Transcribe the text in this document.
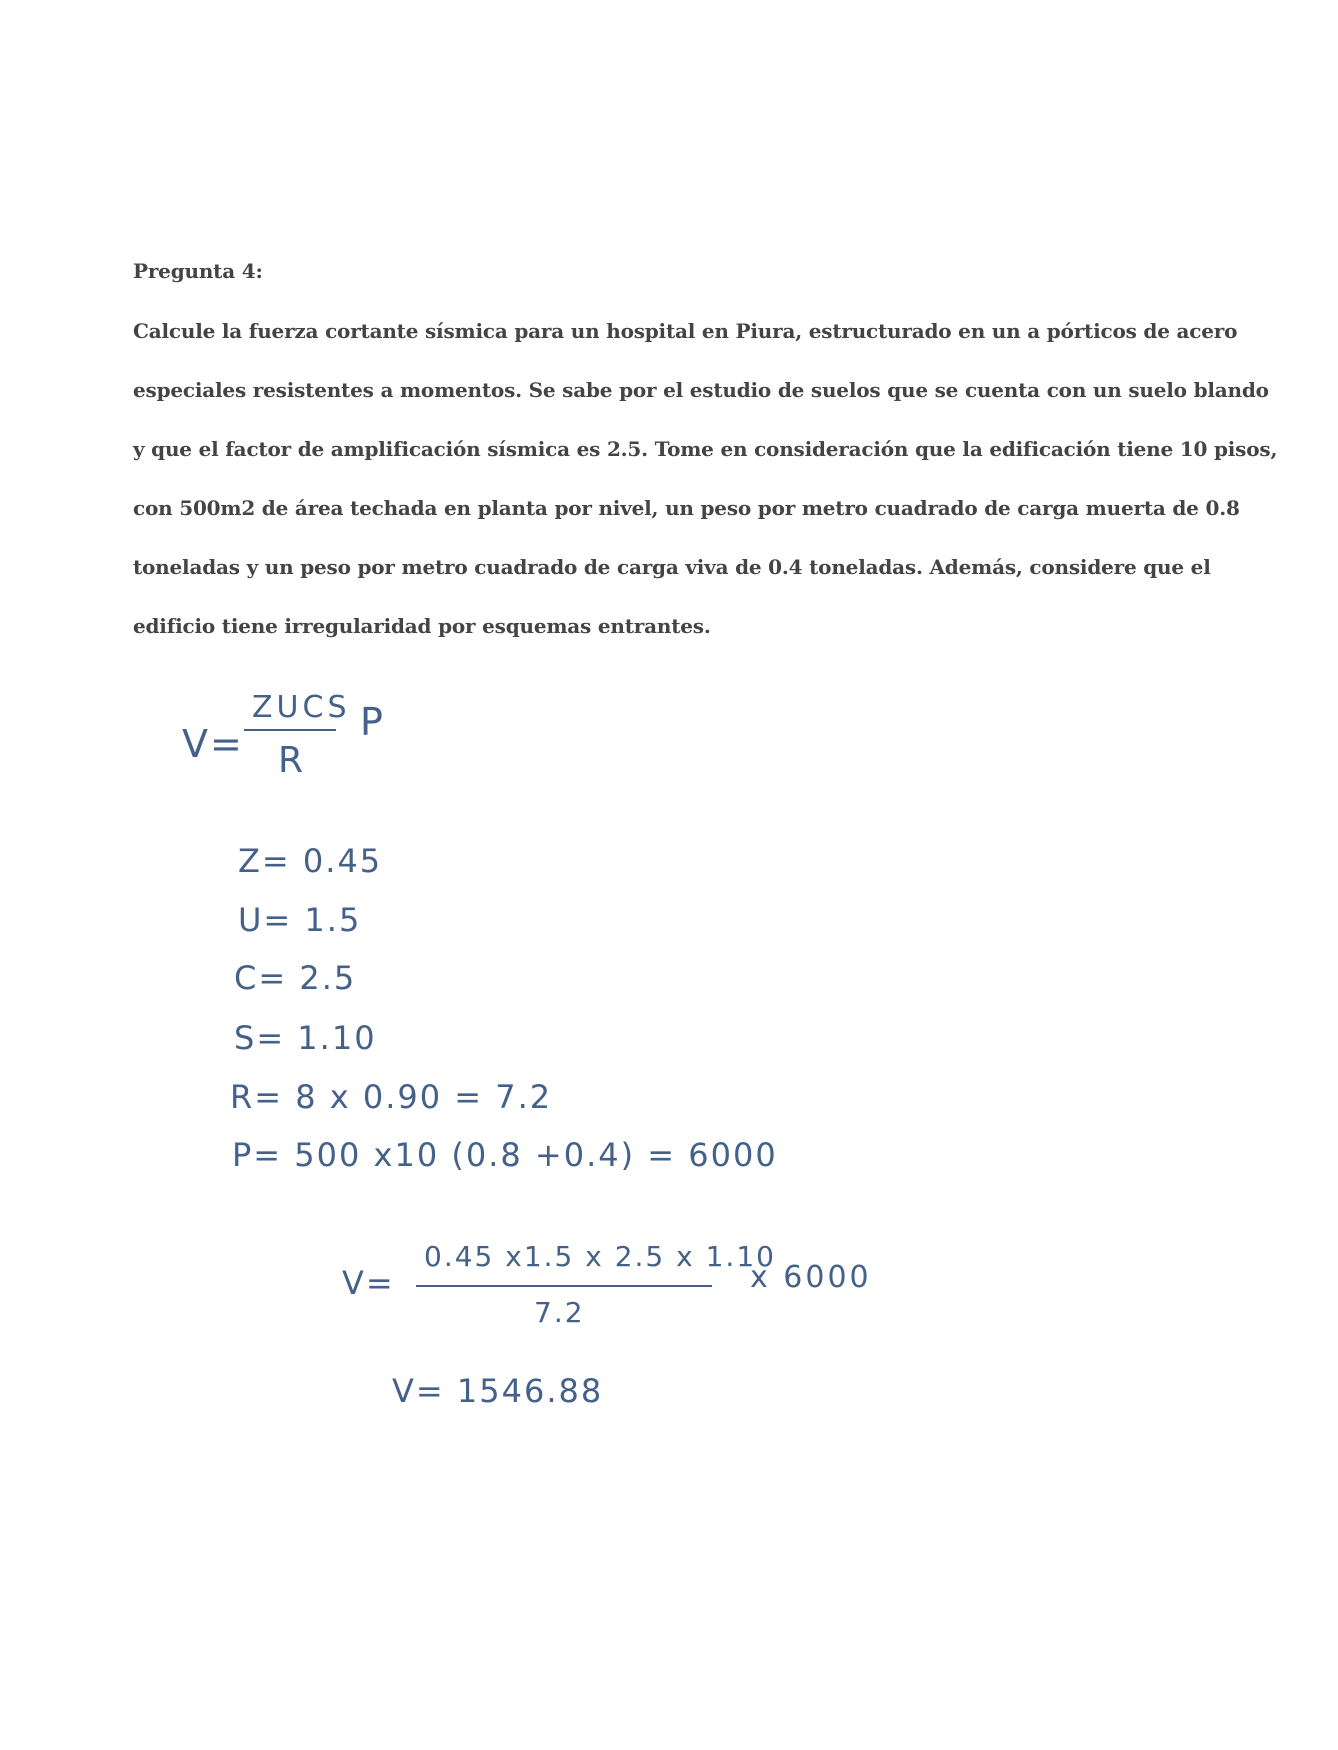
Pregunta 4:
Calcule la fuerza cortante sísmica para un hospital en Piura, estructurado en un a pórticos de acero
especiales resistentes a momentos. Se sabe por el estudio de suelos que se cuenta con un suelo blando
y que el factor de amplificación sísmica es 2.5. Tome en consideración que la edificación tiene 10 pisos,
con 500m2 de área techada en planta por nivel, un peso por metro cuadrado de carga muerta de 0.8
toneladas y un peso por metro cuadrado de carga viva de 0.4 toneladas. Además, considere que el
edificio tiene irregularidad por esquemas entrantes.
V=
ZUCS
R
P
Z= 0.45
U= 1.5
C= 2.5
S= 1.10
R= 8 x 0.90 = 7.2
P= 500 x10 (0.8 +0.4) = 6000
V=
0.45 x1.5 x 2.5 x 1.10
7.2
x 6000
V= 1546.88
